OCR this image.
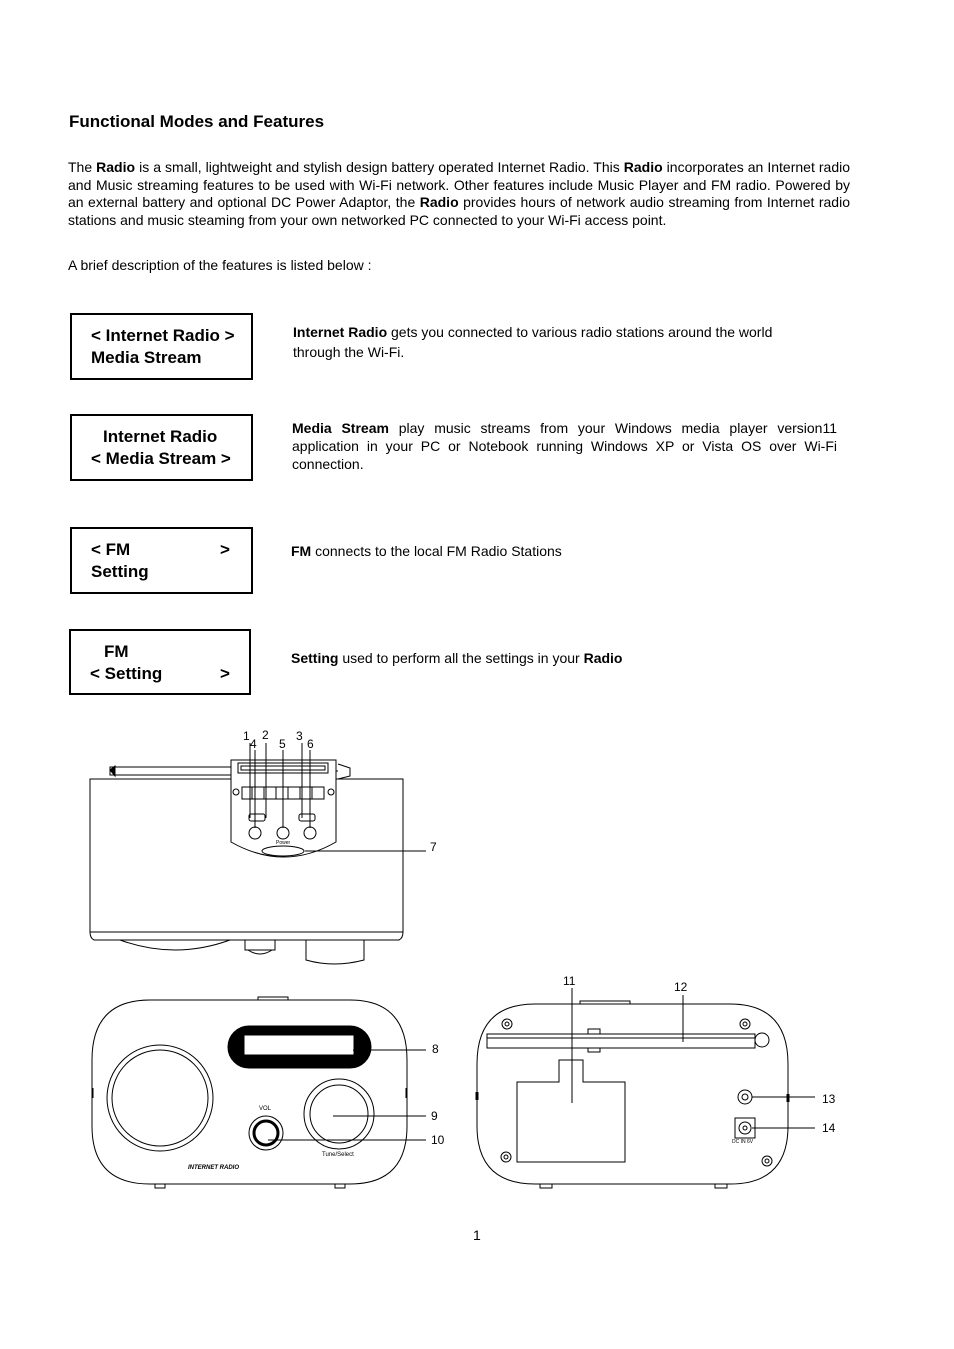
Functional Modes and Features
The Radio is a small, lightweight and stylish design battery operated Internet Radio. This Radio incorporates an Internet radio and Music streaming features to be used with Wi-Fi network. Other features include Music Player and FM radio. Powered by an external battery and optional DC Power Adaptor, the Radio provides hours of network audio streaming from Internet radio stations and music steaming from your own networked PC connected to your Wi-Fi access point.
A brief description of the features is listed below :
< Internet Radio >
Media Stream
Internet Radio gets you connected to various radio stations around the world through the Wi-Fi.
Internet Radio
< Media Stream >
Media Stream play music streams from your Windows media player version11 application in your PC or Notebook running Windows XP or Vista OS over Wi-Fi connection.
< FM	>
Setting
FM connects to the local FM Radio Stations
FM
< Setting	>
Setting used to perform all the settings in your Radio
Power
VOL
Tune/Select
INTERNET RADIO
DC IN 6V
1 2 3
4 5 6
7
8
9
10
11	12
13
14
1
